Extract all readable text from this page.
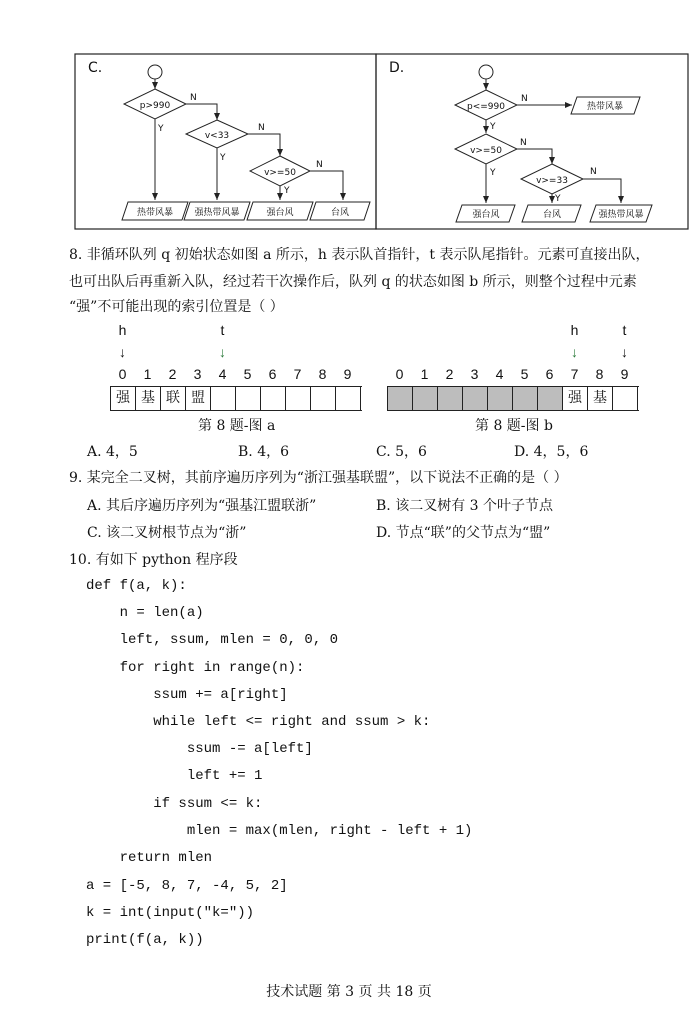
C.
p>990
N
Y
v<33
N
Y
v>=50
N
Y
热带风暴 强热带风暴	强台风	台风
D.
p<=990
N
Y
热带风暴
v>=50
N
Y
v>=33
N
Y
强台风	台风	强热带风暴
8. 非循环队列 q 初始状态如图 a 所示，h 表示队首指针，t 表示队尾指针。元素可直接出队，
也可出队后再重新入队，经过若干次操作后，队列 q 的状态如图 b 所示，则整个过程中元素
“强”不可能出现的索引位置是（ ）
h	t
↓	↓
0	1	2	3	4	5	6	7	8	9
强 基 联 盟
第 8 题-图 a
h	t
↓	↓
0	1	2	3	4	5	6	7	8	9
强 基
第 8 题-图 b
A. 4，5	B. 4，6	C. 5，6	D. 4，5，6
9. 某完全二叉树，其前序遍历序列为“浙江强基联盟”，以下说法不正确的是（ ）
A. 其后序遍历序列为“强基江盟联浙”	B. 该二叉树有 3 个叶子节点
C. 该二叉树根节点为“浙”	D. 节点“联”的父节点为“盟”
10. 有如下 python 程序段
def f(a, k):
n = len(a)
left, ssum, mlen = 0, 0, 0
for right in range(n):
ssum += a[right]
while left <= right and ssum > k:
ssum -= a[left]
left += 1
if ssum <= k:
mlen = max(mlen, right - left + 1)
return mlen
a = [-5, 8, 7, -4, 5, 2]
k = int(input("k="))
print(f(a, k))
技术试题 第 3 页 共 18 页
